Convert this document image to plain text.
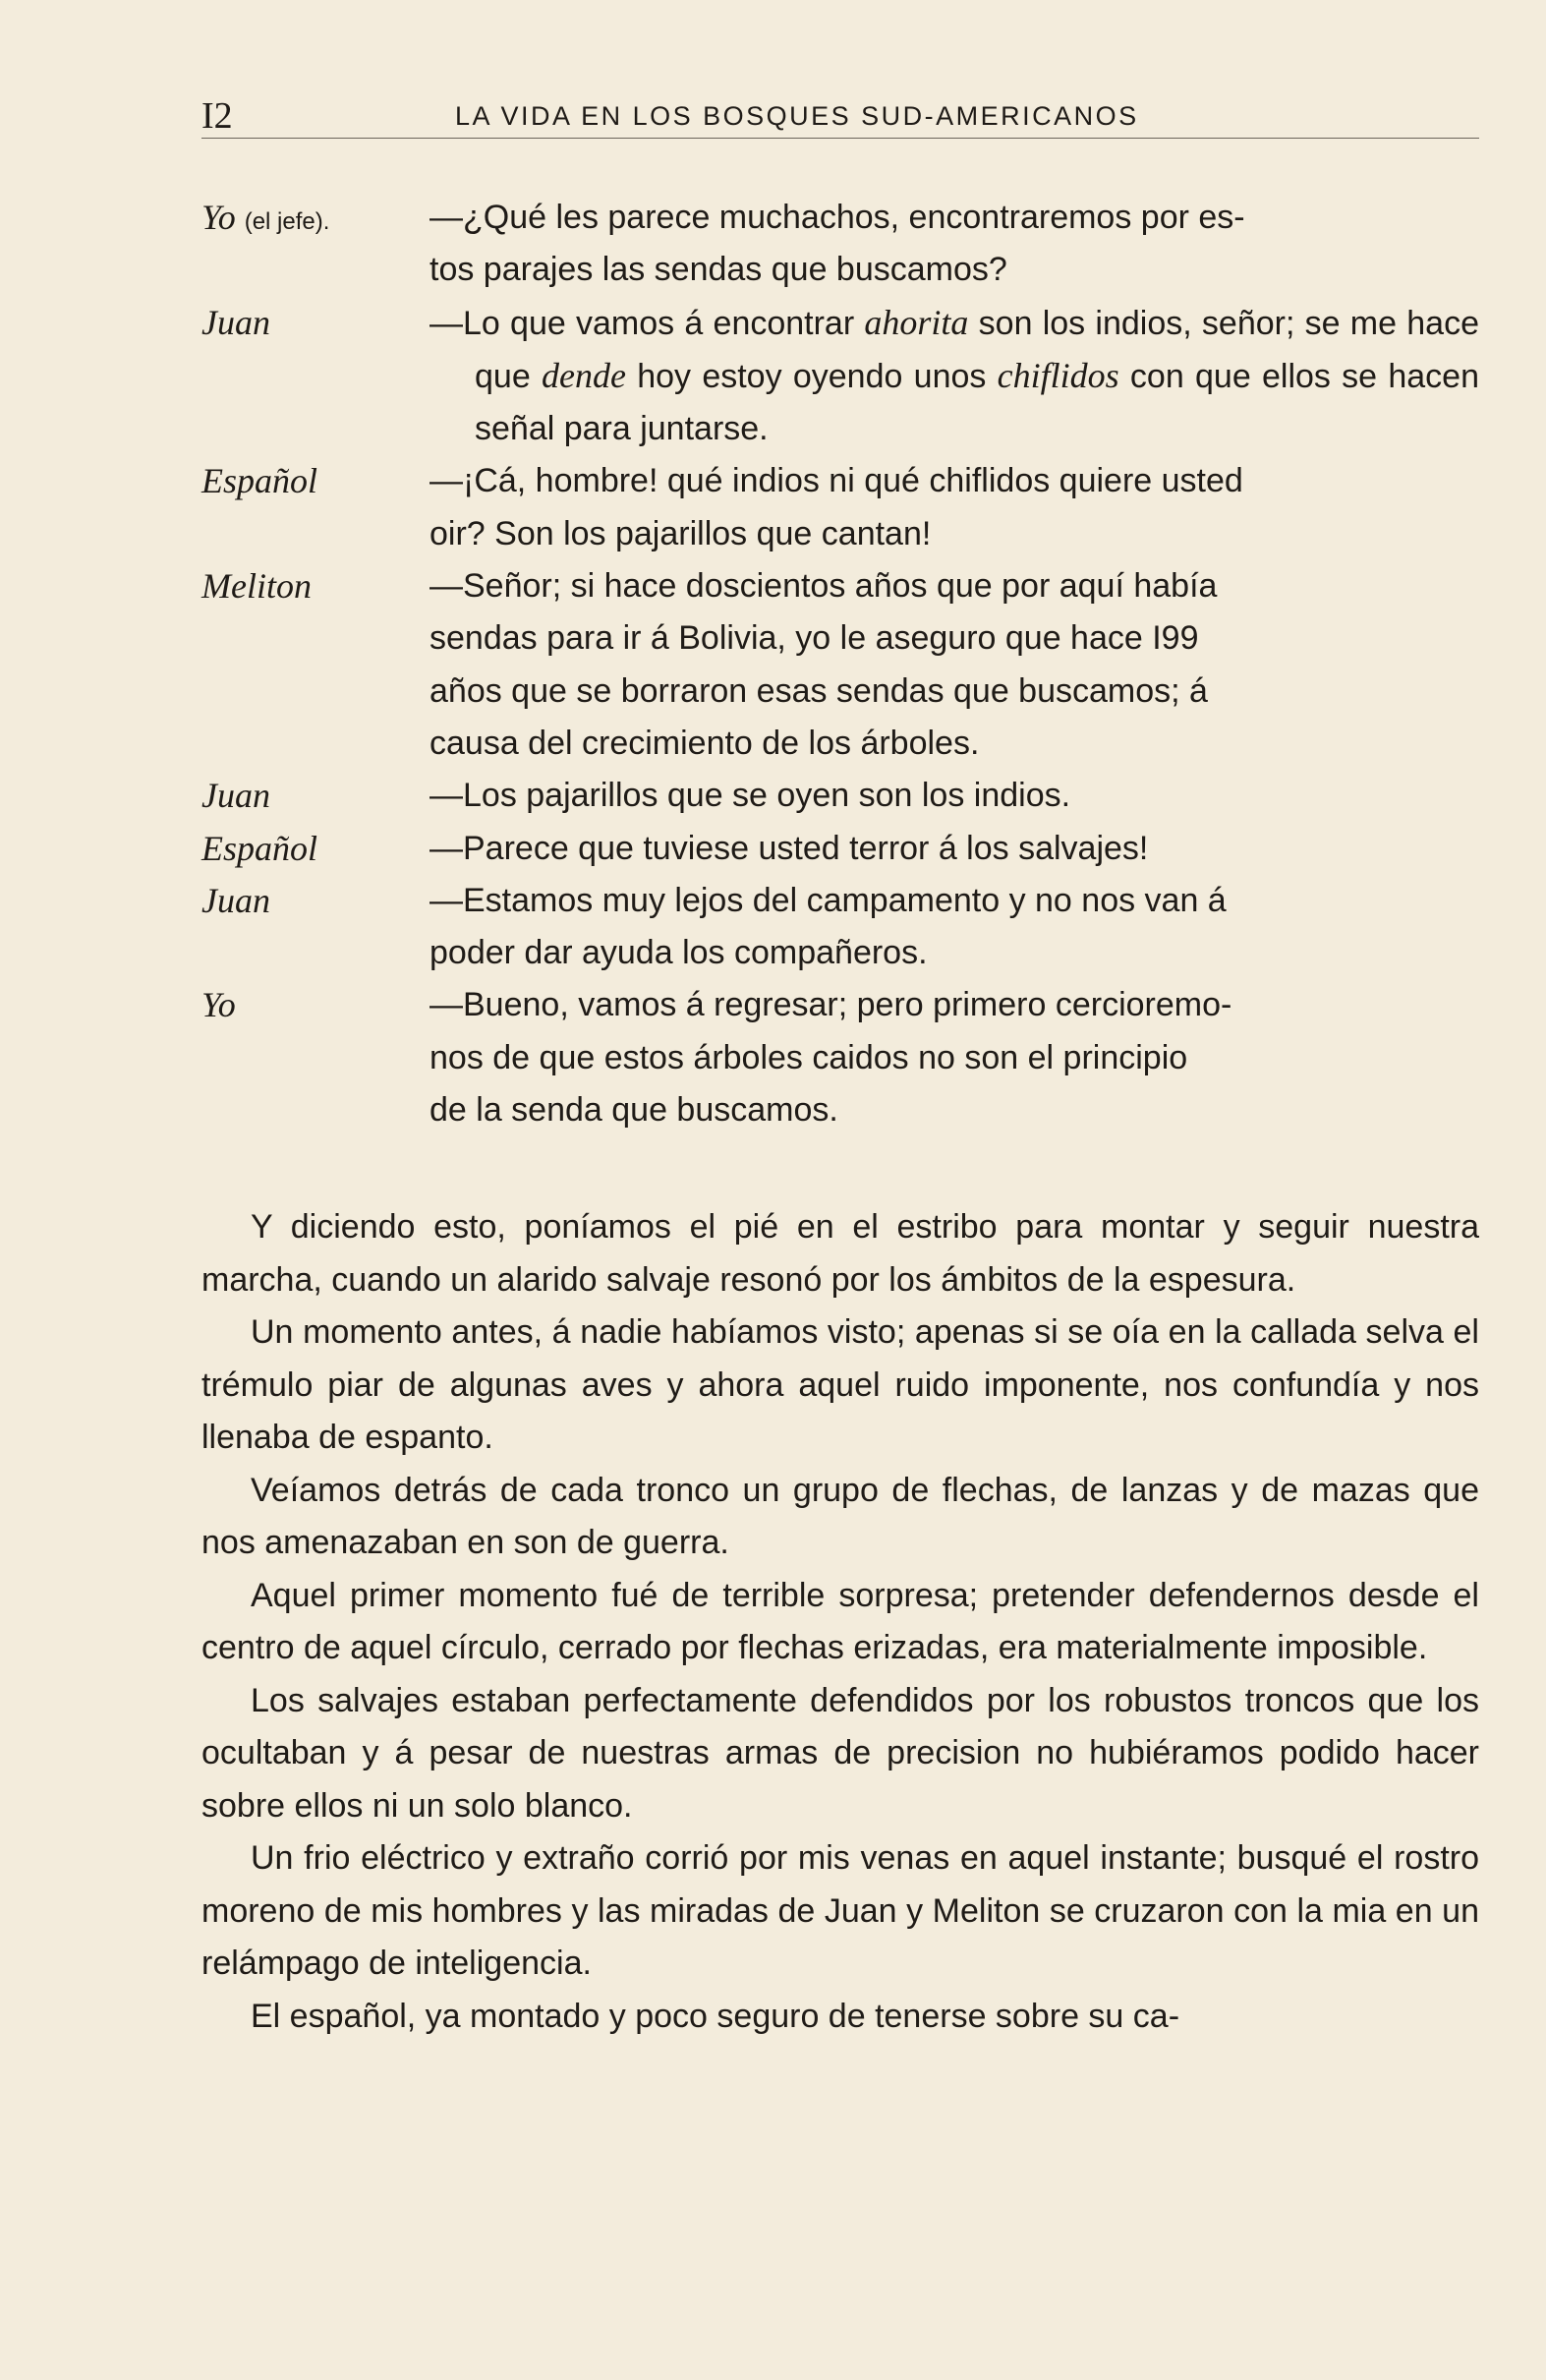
I2	LA VIDA EN LOS BOSQUES SUD-AMERICANOS
Yo (el jefe).	—¿Qué les parece muchachos, encontraremos por es-
tos parajes las sendas que buscamos?
Juan	—Lo que vamos á encontrar ahorita son los indios, señor; se me hace que dende hoy estoy oyendo unos chiflidos con que ellos se hacen señal para juntarse.
Español	—¡Cá, hombre! qué indios ni qué chiflidos quiere usted
oir? Son los pajarillos que cantan!
Meliton	—Señor; si hace doscientos años que por aquí había
sendas para ir á Bolivia, yo le aseguro que hace I99
años que se borraron esas sendas que buscamos; á
causa del crecimiento de los árboles.
Juan	—Los pajarillos que se oyen son los indios.
Español	—Parece que tuviese usted terror á los salvajes!
Juan	—Estamos muy lejos del campamento y no nos van á
poder dar ayuda los compañeros.
Yo	—Bueno, vamos á regresar; pero primero cercioremo-
nos de que estos árboles caidos no son el principio
de la senda que buscamos.

Y diciendo esto, poníamos el pié en el estribo para montar y seguir nuestra marcha, cuando un alarido salvaje resonó por los ámbitos de la espesura.

Un momento antes, á nadie habíamos visto; apenas si se oía en la callada selva el trémulo piar de algunas aves y ahora aquel ruido imponente, nos confundía y nos llenaba de espanto.

Veíamos detrás de cada tronco un grupo de flechas, de lanzas y de mazas que nos amenazaban en son de guerra.

Aquel primer momento fué de terrible sorpresa; pretender defendernos desde el centro de aquel círculo, cerrado por flechas erizadas, era materialmente imposible.

Los salvajes estaban perfectamente defendidos por los robustos troncos que los ocultaban y á pesar de nuestras armas de precision no hubiéramos podido hacer sobre ellos ni un solo blanco.

Un frio eléctrico y extraño corrió por mis venas en aquel instante; busqué el rostro moreno de mis hombres y las miradas de Juan y Meliton se cruzaron con la mia en un relámpago de inteligencia.

El español, ya montado y poco seguro de tenerse sobre su ca-
